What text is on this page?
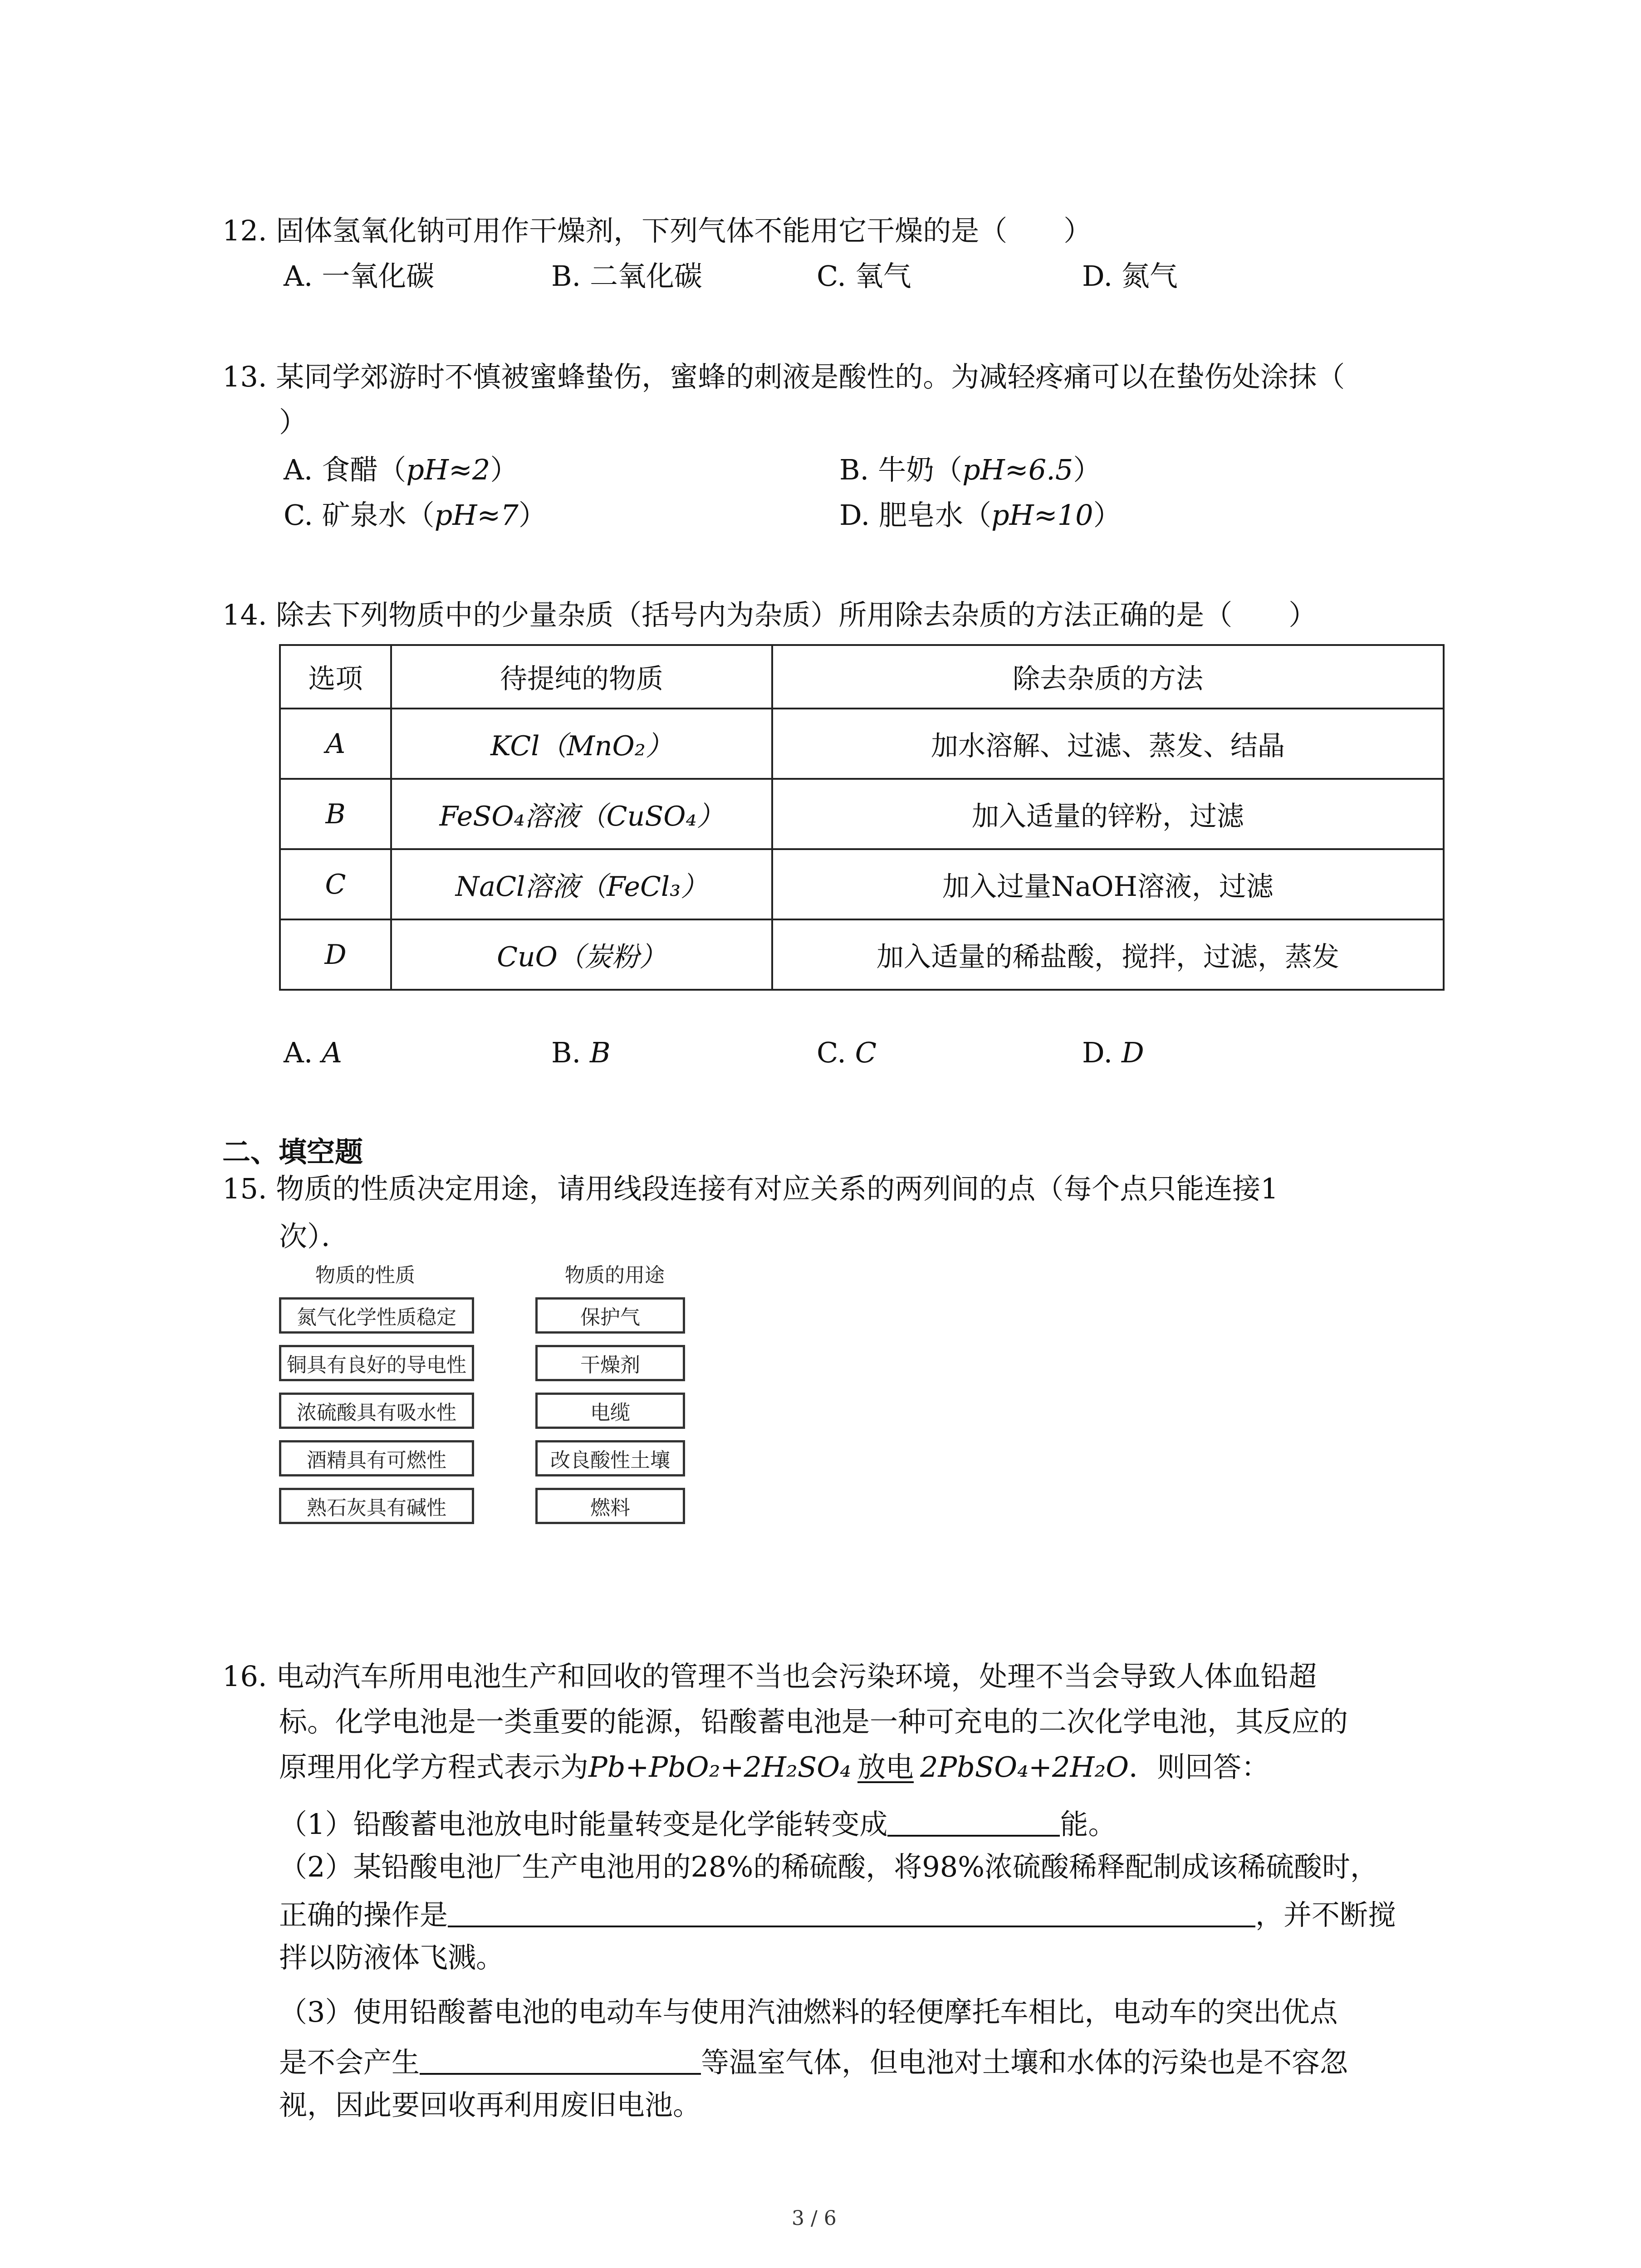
12. 固体氢氧化钠可用作干燥剂，下列气体不能用它干燥的是（　　）
A. 一氧化碳	B. 二氧化碳	C. 氧气	D. 氮气
13. 某同学郊游时不慎被蜜蜂蛰伤，蜜蜂的刺液是酸性的。为减轻疼痛可以在蛰伤处涂抹（
）
A. 食醋（pH≈2）	B. 牛奶（pH≈6.5）
C. 矿泉水（pH≈7）	D. 肥皂水（pH≈10）
14. 除去下列物质中的少量杂质（括号内为杂质）所用除去杂质的方法正确的是（　　）
选项	待提纯的物质	除去杂质的方法
A	KCl（MnO₂）	加水溶解、过滤、蒸发、结晶
B	FeSO₄溶液（CuSO₄）	加入适量的锌粉，过滤
C	NaCl溶液（FeCl₃）	加入过量NaOH溶液，过滤
D	CuO（炭粉）	加入适量的稀盐酸，搅拌，过滤，蒸发
A. A	B. B	C. C	D. D
二、填空题
15. 物质的性质决定用途，请用线段连接有对应关系的两列间的点（每个点只能连接1
次）．
物质的性质	物质的用途
氮气化学性质稳定
铜具有良好的导电性
浓硫酸具有吸水性
酒精具有可燃性
熟石灰具有碱性
保护气
干燥剂
电缆
改良酸性土壤
燃料
16. 电动汽车所用电池生产和回收的管理不当也会污染环境，处理不当会导致人体血铅超
标。化学电池是一类重要的能源，铅酸蓄电池是一种可充电的二次化学电池，其反应的
原理用化学方程式表示为Pb+PbO₂+2H₂SO₄ 放电 2PbSO₄+2H₂O．则回答：
（1）铅酸蓄电池放电时能量转变是化学能转变成	能。
（2）某铅酸电池厂生产电池用的28%的稀硫酸，将98%浓硫酸稀释配制成该稀硫酸时，
正确的操作是	，并不断搅
拌以防液体飞溅。
（3）使用铅酸蓄电池的电动车与使用汽油燃料的轻便摩托车相比，电动车的突出优点
是不会产生	等温室气体，但电池对土壤和水体的污染也是不容忽
视，因此要回收再利用废旧电池。
3 / 6
